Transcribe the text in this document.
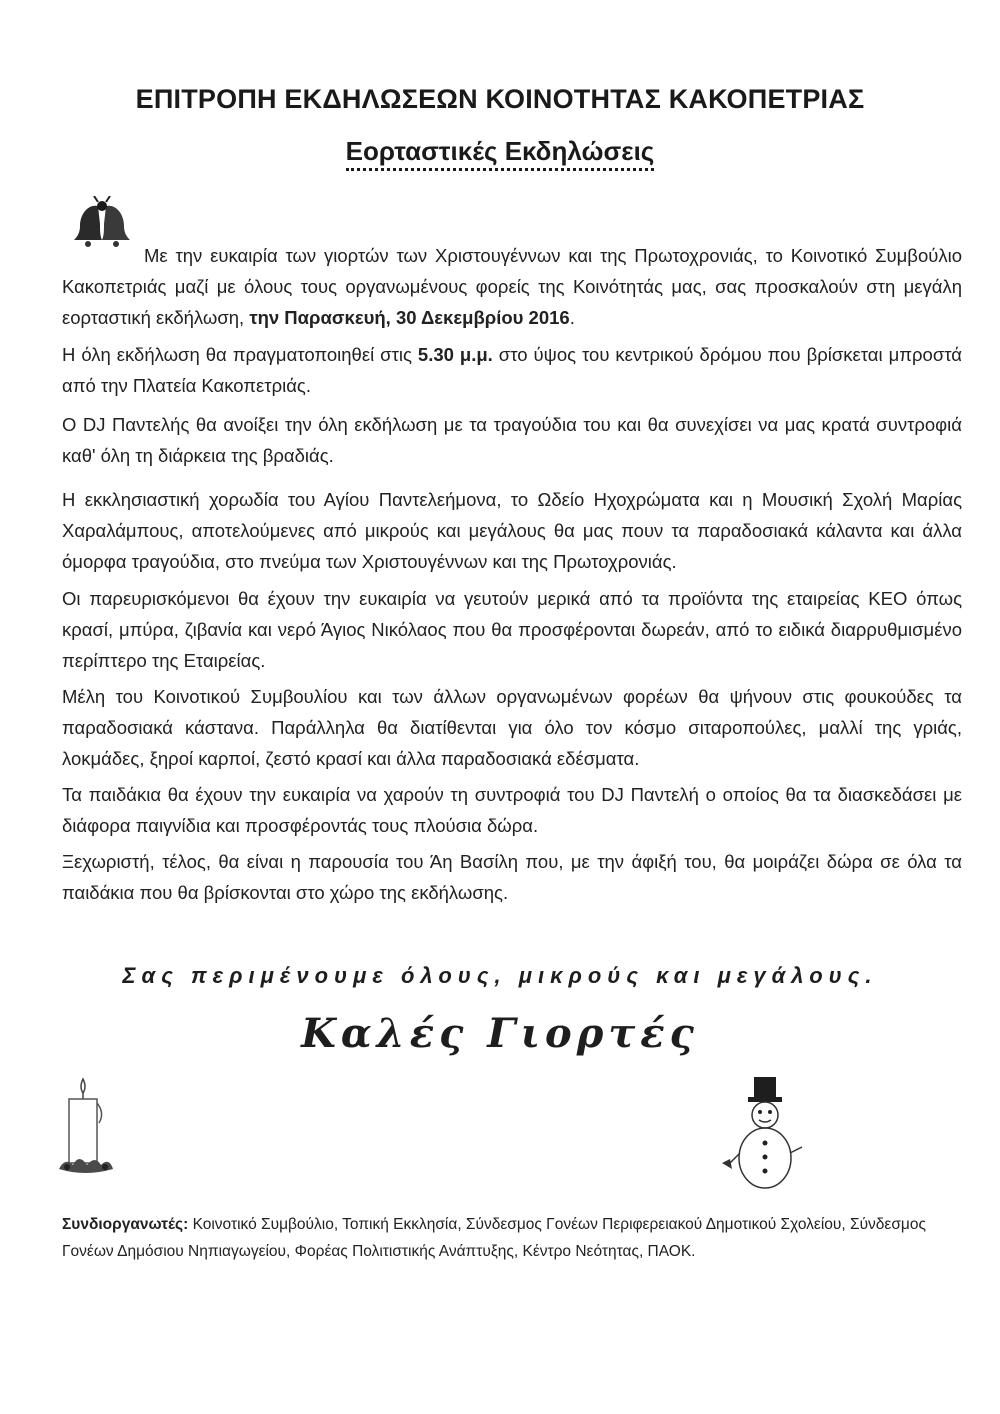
ΕΠΙΤΡΟΠΗ ΕΚΔΗΛΩΣΕΩΝ ΚΟΙΝΟΤΗΤΑΣ ΚΑΚΟΠΕΤΡΙΑΣ
Εορταστικές Εκδηλώσεις
Με την ευκαιρία των γιορτών των Χριστουγέννων και της Πρωτοχρονιάς, το Κοινοτικό Συμβούλιο Κακοπετριάς μαζί με όλους τους οργανωμένους φορείς της Κοινότητάς μας, σας προσκαλούν στη μεγάλη εορταστική εκδήλωση, την Παρασκευή, 30 Δεκεμβρίου 2016.
Η όλη εκδήλωση θα πραγματοποιηθεί στις 5.30 μ.μ. στο ύψος του κεντρικού δρόμου που βρίσκεται μπροστά από την Πλατεία Κακοπετριάς.
Ο DJ Παντελής θα ανοίξει την όλη εκδήλωση με τα τραγούδια του και θα συνεχίσει να μας κρατά συντροφιά καθ' όλη τη διάρκεια της βραδιάς.
Η εκκλησιαστική χορωδία του Αγίου Παντελεήμονα, το Ωδείο Ηχοχρώματα και η Μουσική Σχολή Μαρίας Χαραλάμπους, αποτελούμενες από μικρούς και μεγάλους θα μας πουν τα παραδοσιακά κάλαντα και άλλα όμορφα τραγούδια, στο πνεύμα των Χριστουγέννων και της Πρωτοχρονιάς.
Οι παρευρισκόμενοι θα έχουν την ευκαιρία να γευτούν μερικά από τα προϊόντα της εταιρείας ΚΕΟ όπως κρασί, μπύρα, ζιβανία και νερό Άγιος Νικόλαος που θα προσφέρονται δωρεάν, από το ειδικά διαρρυθμισμένο περίπτερο της Εταιρείας.
Μέλη του Κοινοτικού Συμβουλίου και των άλλων οργανωμένων φορέων θα ψήνουν στις φουκούδες τα παραδοσιακά κάστανα. Παράλληλα θα διατίθενται για όλο τον κόσμο σιταροπούλες, μαλλί της γριάς, λοκμάδες, ξηροί καρποί, ζεστό κρασί και άλλα παραδοσιακά εδέσματα.
Τα παιδάκια θα έχουν την ευκαιρία να χαρούν τη συντροφιά του DJ Παντελή ο οποίος θα τα διασκεδάσει με διάφορα παιγνίδια και προσφέροντάς τους πλούσια δώρα.
Ξεχωριστή, τέλος, θα είναι η παρουσία του Άη Βασίλη που, με την άφιξή του, θα μοιράζει δώρα σε όλα τα παιδάκια που θα βρίσκονται στο χώρο της εκδήλωσης.
Σας περιμένουμε όλους, μικρούς και μεγάλους.
Καλές Γιορτές
Συνδιοργανωτές: Κοινοτικό Συμβούλιο, Τοπική Εκκλησία, Σύνδεσμος Γονέων Περιφερειακού Δημοτικού Σχολείου, Σύνδεσμος Γονέων Δημόσιου Νηπιαγωγείου, Φορέας Πολιτιστικής Ανάπτυξης, Κέντρο Νεότητας, ΠΑΟΚ.
